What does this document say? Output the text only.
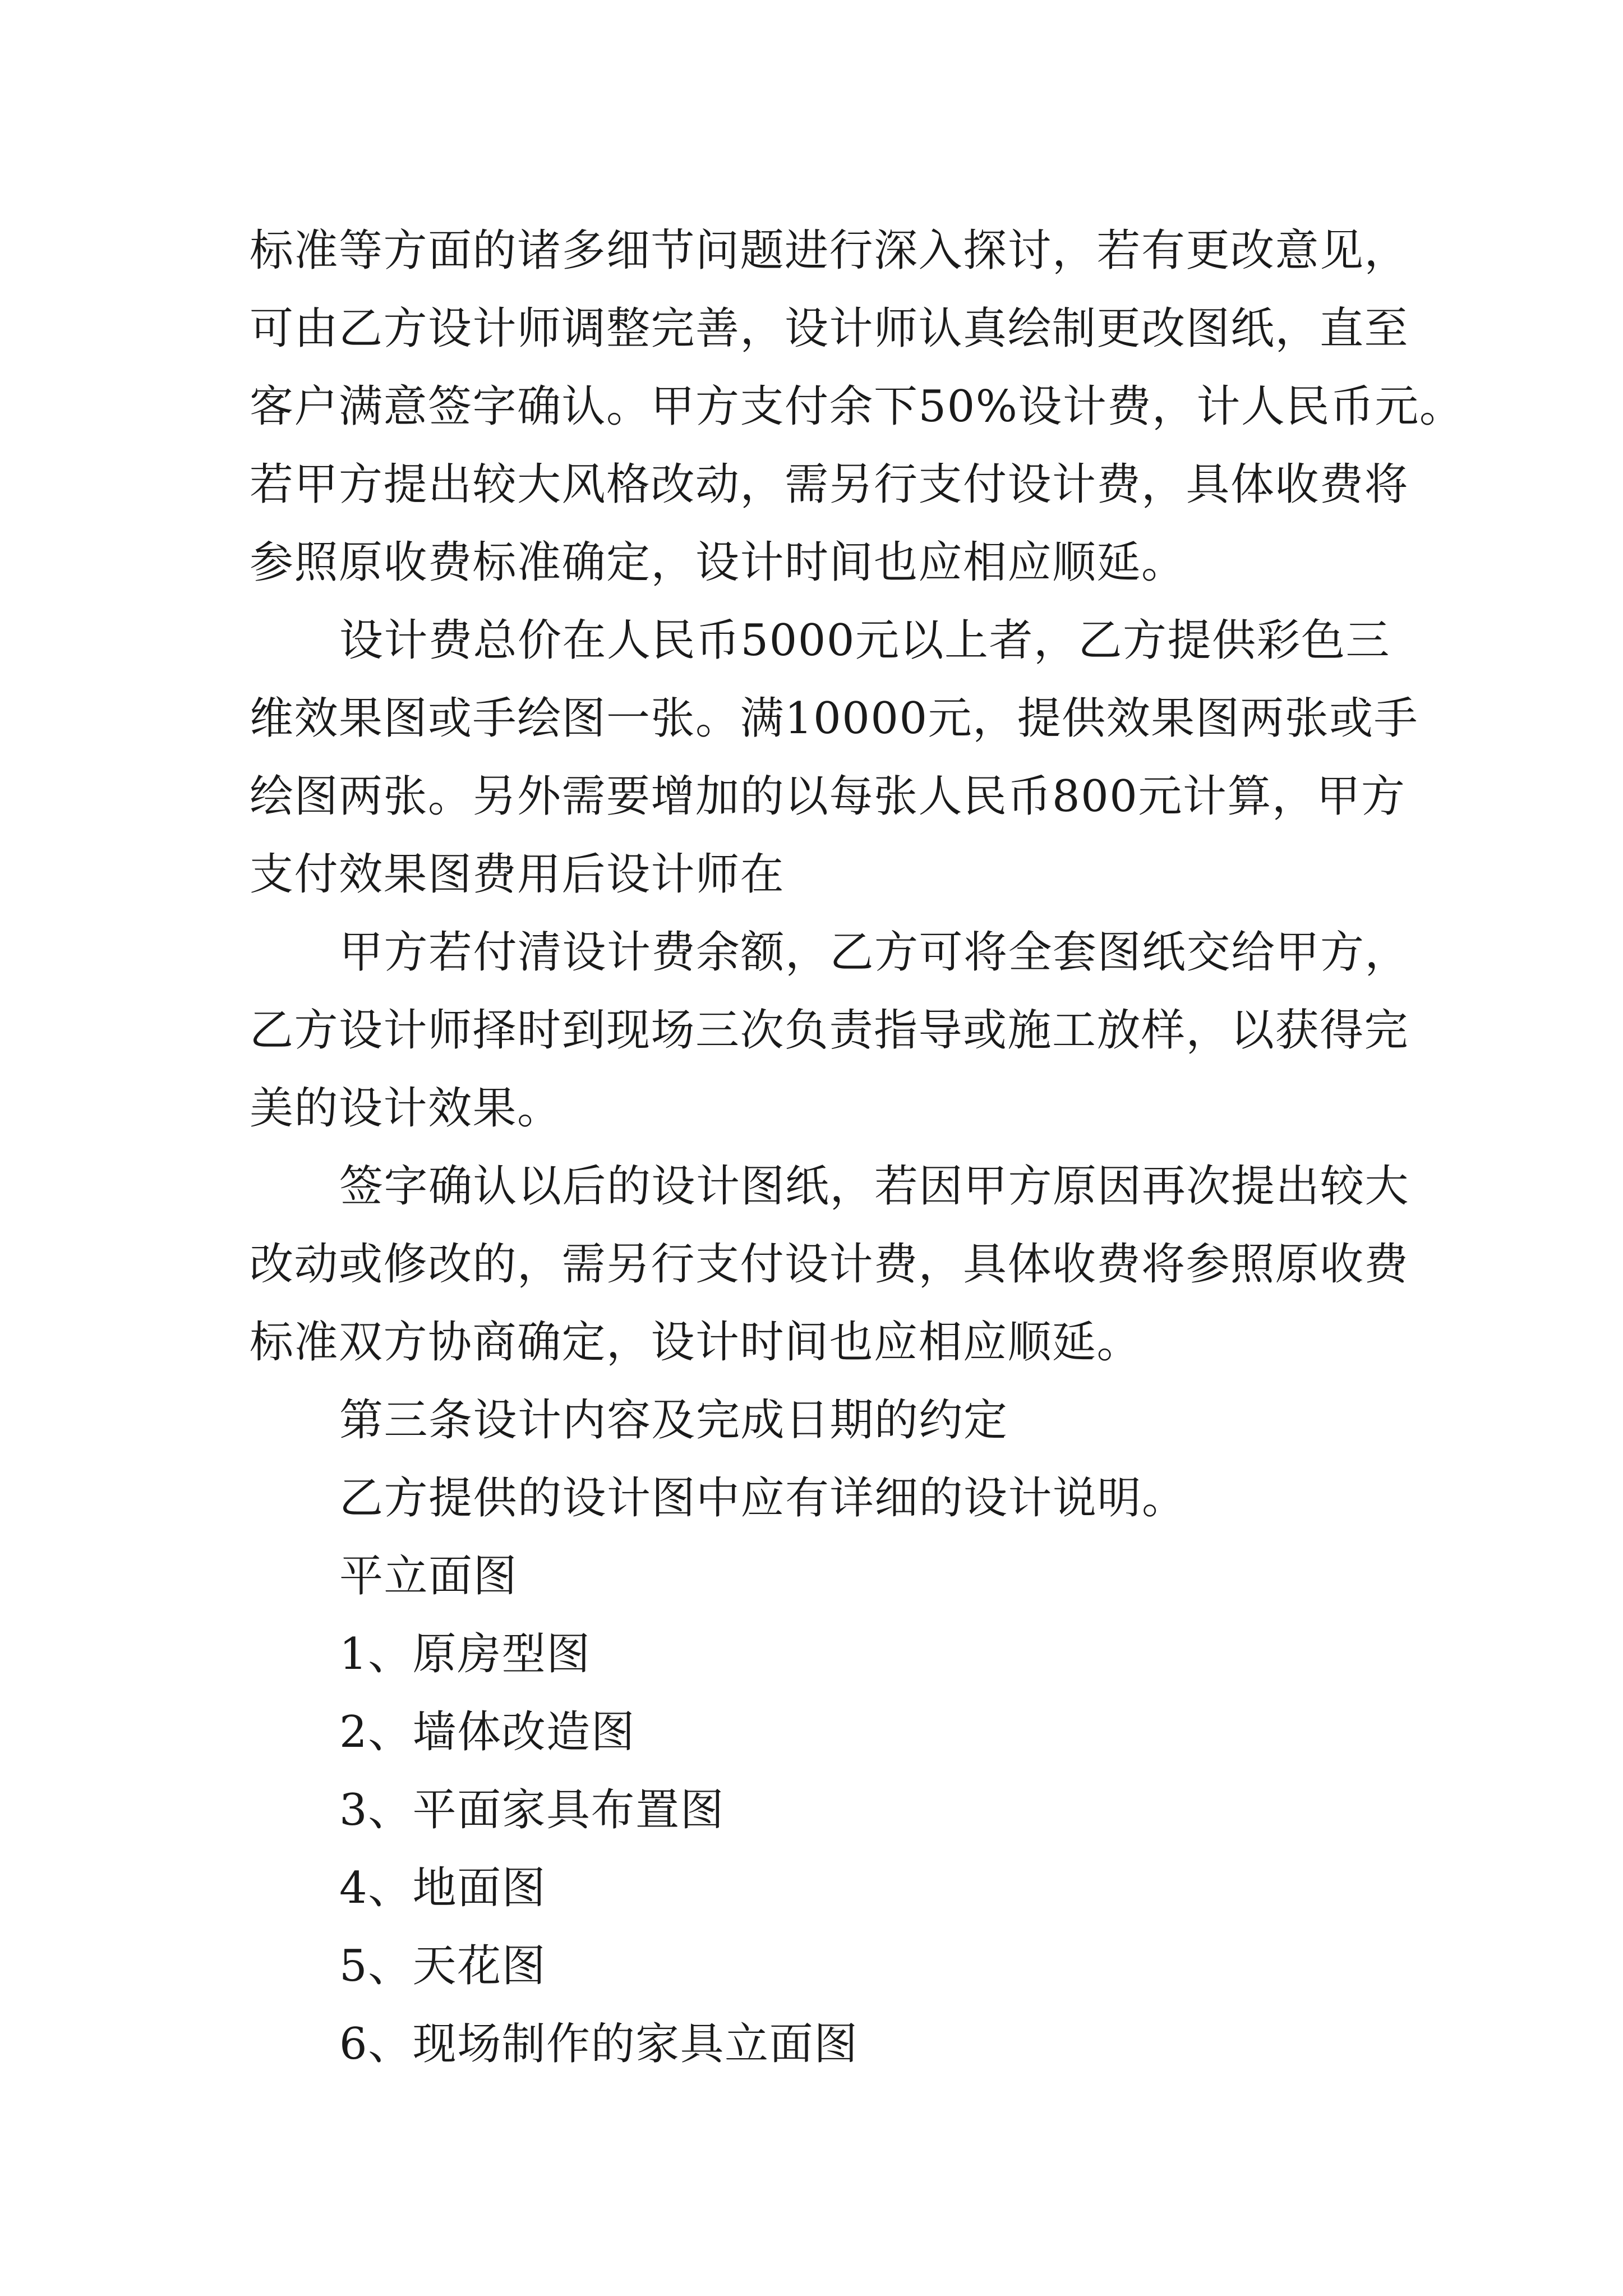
标准等方面的诸多细节问题进行深入探讨，若有更改意见，
可由乙方设计师调整完善，设计师认真绘制更改图纸，直至
客户满意签字确认。甲方支付余下50%设计费，计人民币元。
若甲方提出较大风格改动，需另行支付设计费，具体收费将
参照原收费标准确定，设计时间也应相应顺延。
设计费总价在人民币5000元以上者，乙方提供彩色三
维效果图或手绘图一张。满10000元，提供效果图两张或手
绘图两张。另外需要增加的以每张人民币800元计算，甲方
支付效果图费用后设计师在
甲方若付清设计费余额，乙方可将全套图纸交给甲方，
乙方设计师择时到现场三次负责指导或施工放样，以获得完
美的设计效果。
签字确认以后的设计图纸，若因甲方原因再次提出较大
改动或修改的，需另行支付设计费，具体收费将参照原收费
标准双方协商确定，设计时间也应相应顺延。
第三条设计内容及完成日期的约定
乙方提供的设计图中应有详细的设计说明。
平立面图
1、原房型图
2、墙体改造图
3、平面家具布置图
4、地面图
5、天花图
6、现场制作的家具立面图
